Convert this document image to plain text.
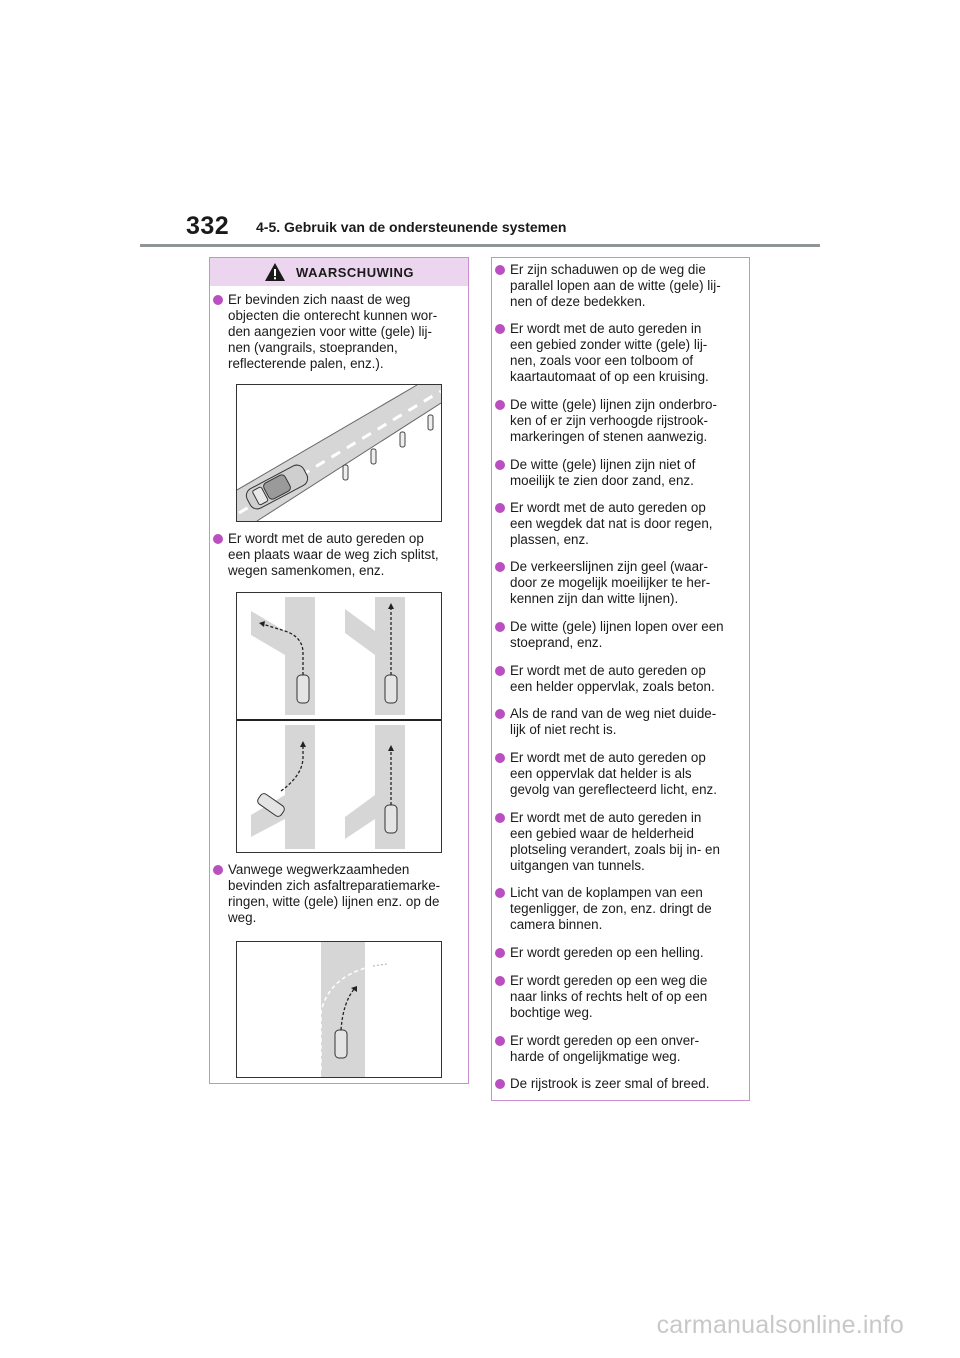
332 4-5. Gebruik van de ondersteunende systemen
WAARSCHUWING
Er bevinden zich naast de weg
objecten die onterecht kunnen wor-
den aangezien voor witte (gele) lij-
nen (vangrails, stoepranden,
reflecterende palen, enz.).
Er wordt met de auto gereden op
een plaats waar de weg zich splitst,
wegen samenkomen, enz.
Vanwege wegwerkzaamheden
bevinden zich asfaltreparatiemarke-
ringen, witte (gele) lijnen enz. op de
weg.
Er zijn schaduwen op de weg die
parallel lopen aan de witte (gele) lij-
nen of deze bedekken.
Er wordt met de auto gereden in
een gebied zonder witte (gele) lij-
nen, zoals voor een tolboom of
kaartautomaat of op een kruising.
De witte (gele) lijnen zijn onderbro-
ken of er zijn verhoogde rijstrook-
markeringen of stenen aanwezig.
De witte (gele) lijnen zijn niet of
moeilijk te zien door zand, enz.
Er wordt met de auto gereden op
een wegdek dat nat is door regen,
plassen, enz.
De verkeerslijnen zijn geel (waar-
door ze mogelijk moeilijker te her-
kennen zijn dan witte lijnen).
De witte (gele) lijnen lopen over een
stoeprand, enz.
Er wordt met de auto gereden op
een helder oppervlak, zoals beton.
Als de rand van de weg niet duide-
lijk of niet recht is.
Er wordt met de auto gereden op
een oppervlak dat helder is als
gevolg van gereflecteerd licht, enz.
Er wordt met de auto gereden in
een gebied waar de helderheid
plotseling verandert, zoals bij in- en
uitgangen van tunnels.
Licht van de koplampen van een
tegenligger, de zon, enz. dringt de
camera binnen.
Er wordt gereden op een helling.
Er wordt gereden op een weg die
naar links of rechts helt of op een
bochtige weg.
Er wordt gereden op een onver-
harde of ongelijkmatige weg.
De rijstrook is zeer smal of breed.
carmanualsonline.info
